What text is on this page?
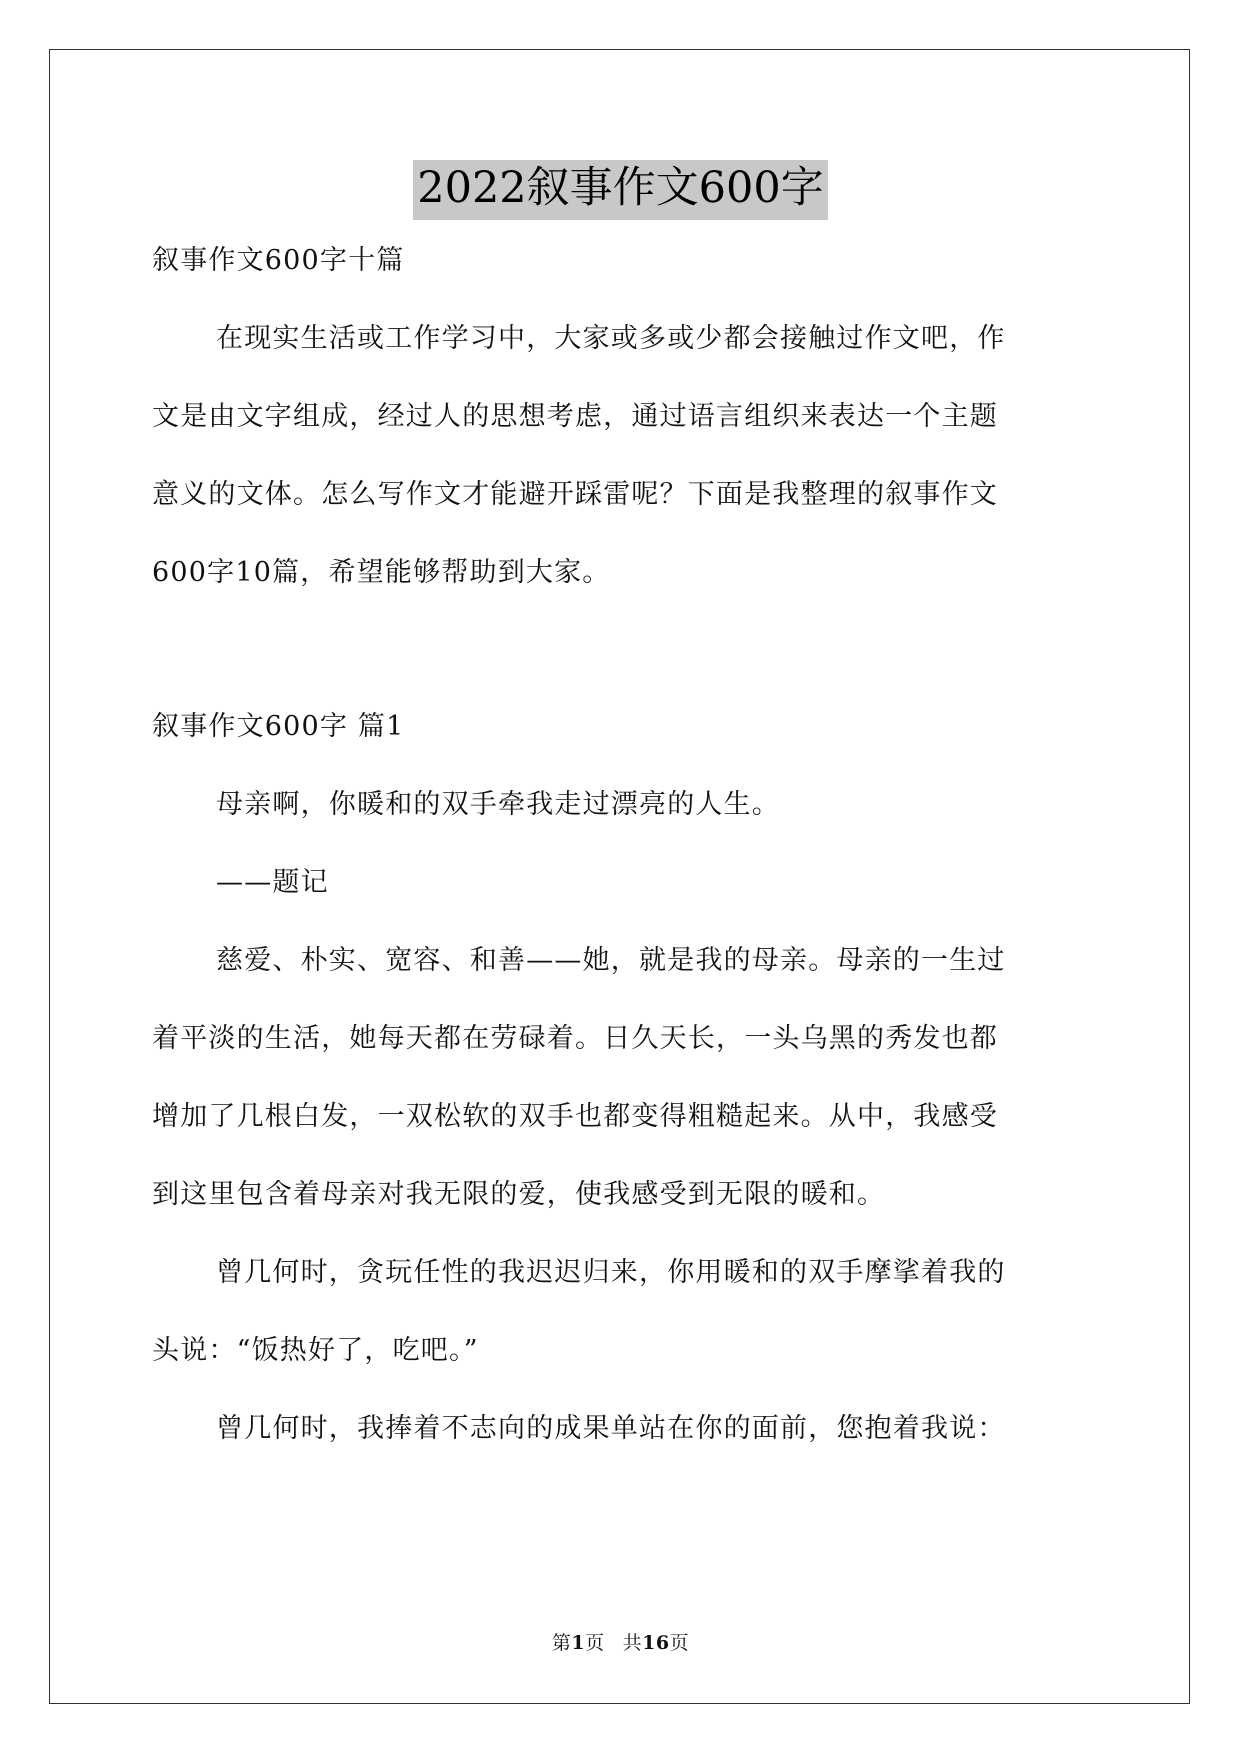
2022叙事作文600字
叙事作文600字十篇
在现实生活或工作学习中，大家或多或少都会接触过作文吧，作
文是由文字组成，经过人的思想考虑，通过语言组织来表达一个主题
意义的文体。怎么写作文才能避开踩雷呢？下面是我整理的叙事作文
600字10篇，希望能够帮助到大家。
叙事作文600字 篇1
母亲啊，你暖和的双手牵我走过漂亮的人生。
——题记
慈爱、朴实、宽容、和善——她，就是我的母亲。母亲的一生过
着平淡的生活，她每天都在劳碌着。日久天长，一头乌黑的秀发也都
增加了几根白发，一双松软的双手也都变得粗糙起来。从中，我感受
到这里包含着母亲对我无限的爱，使我感受到无限的暖和。
曾几何时，贪玩任性的我迟迟归来，你用暖和的双手摩挲着我的
头说：“饭热好了，吃吧。”
曾几何时，我捧着不志向的成果单站在你的面前，您抱着我说：
第1页 共16页
